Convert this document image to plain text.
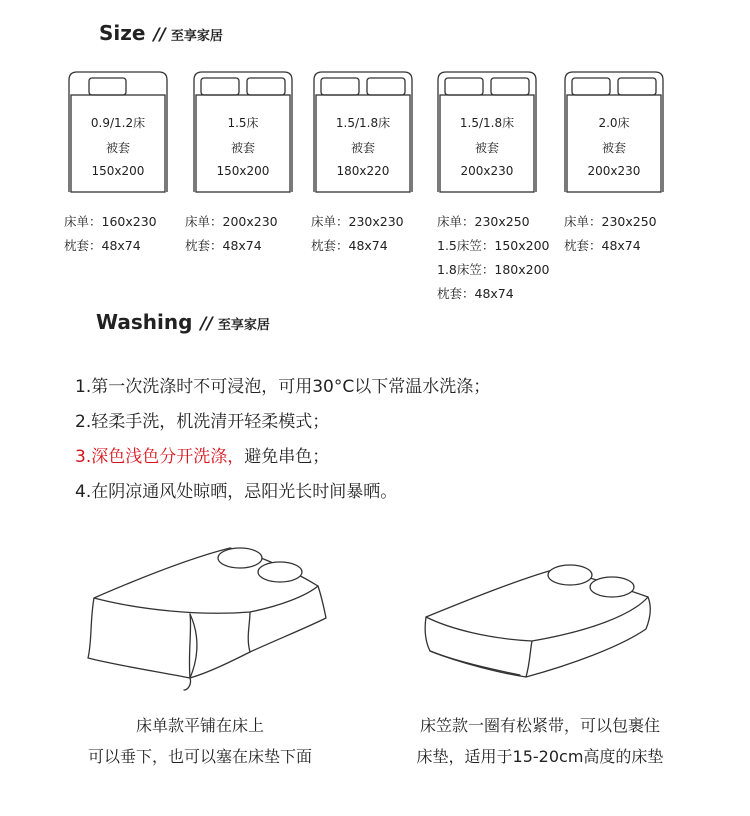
Size // 至享家居
0.9/1.2床
被套
150x200
1.5床
被套
150x200
1.5/1.8床
被套
180x220
1.5/1.8床
被套
200x230
2.0床
被套
200x230
床单：160x230
枕套：48x74
床单：200x230
枕套：48x74
床单：230x230
枕套：48x74
床单：230x250
1.5床笠：150x200
1.8床笠：180x200
枕套：48x74
床单：230x250
枕套：48x74
Washing // 至享家居
1.第一次洗涤时不可浸泡，可用30°C以下常温水洗涤；
2.轻柔手洗，机洗清开轻柔模式；
3.深色浅色分开洗涤，避免串色；
4.在阴凉通风处晾晒，忌阳光长时间暴晒。
床单款平铺在床上
可以垂下，也可以塞在床垫下面
床笠款一圈有松紧带，可以包裹住
床垫，适用于15-20cm高度的床垫
